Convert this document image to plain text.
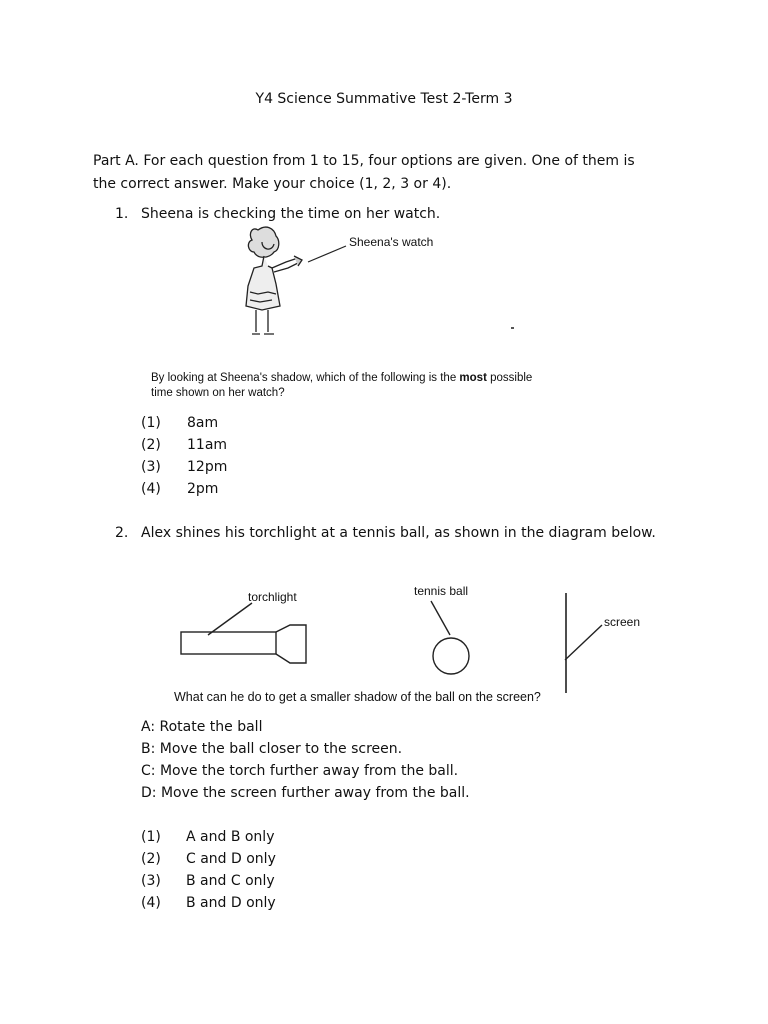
Y4 Science Summative Test 2-Term 3
Part A. For each question from 1 to 15, four options are given. One of them is
the correct answer. Make your choice (1, 2, 3 or 4).
1. Sheena is checking the time on her watch.
Sheena's watch
By looking at Sheena's shadow, which of the following is the most possible
time shown on her watch?
(1) 8am
(2) 11am
(3) 12pm
(4) 2pm
2. Alex shines his torchlight at a tennis ball, as shown in the diagram below.
torchlight	tennis ball
screen
What can he do to get a smaller shadow of the ball on the screen?
A: Rotate the ball
B: Move the ball closer to the screen.
C: Move the torch further away from the ball.
D: Move the screen further away from the ball.
(1) A and B only
(2) C and D only
(3) B and C only
(4) B and D only
